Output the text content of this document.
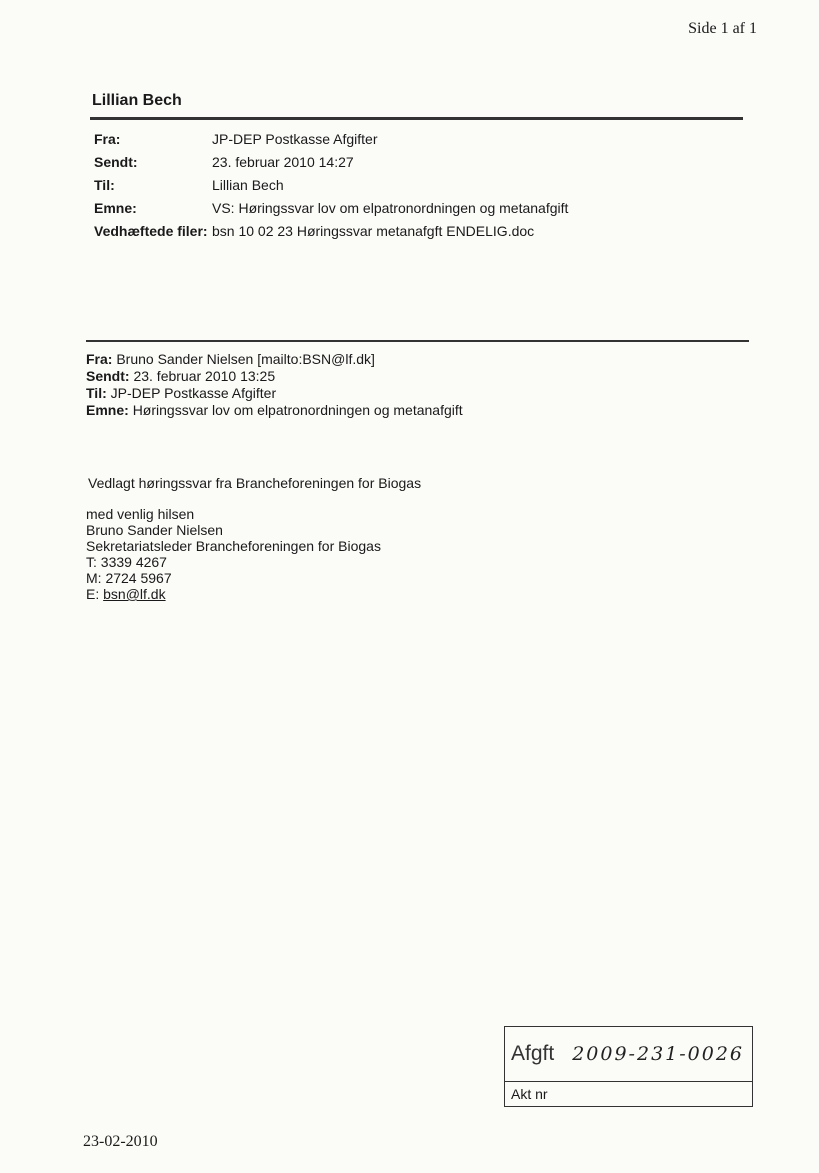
Side 1 af 1
Lillian Bech
Fra:	JP-DEP Postkasse Afgifter
Sendt:	23. februar 2010 14:27
Til:	Lillian Bech
Emne:	VS: Høringssvar lov om elpatronordningen og metanafgift
Vedhæftede filer: bsn 10 02 23 Høringssvar metanafgft ENDELIG.doc
Fra: Bruno Sander Nielsen [mailto:BSN@lf.dk]
Sendt: 23. februar 2010 13:25
Til: JP-DEP Postkasse Afgifter
Emne: Høringssvar lov om elpatronordningen og metanafgift
Vedlagt høringssvar fra Brancheforeningen for Biogas
med venlig hilsen
Bruno Sander Nielsen
Sekretariatsleder Brancheforeningen for Biogas
T: 3339 4267
M: 2724 5967
E: bsn@lf.dk
Afgft 2009-231-0026
Akt nr
23-02-2010
